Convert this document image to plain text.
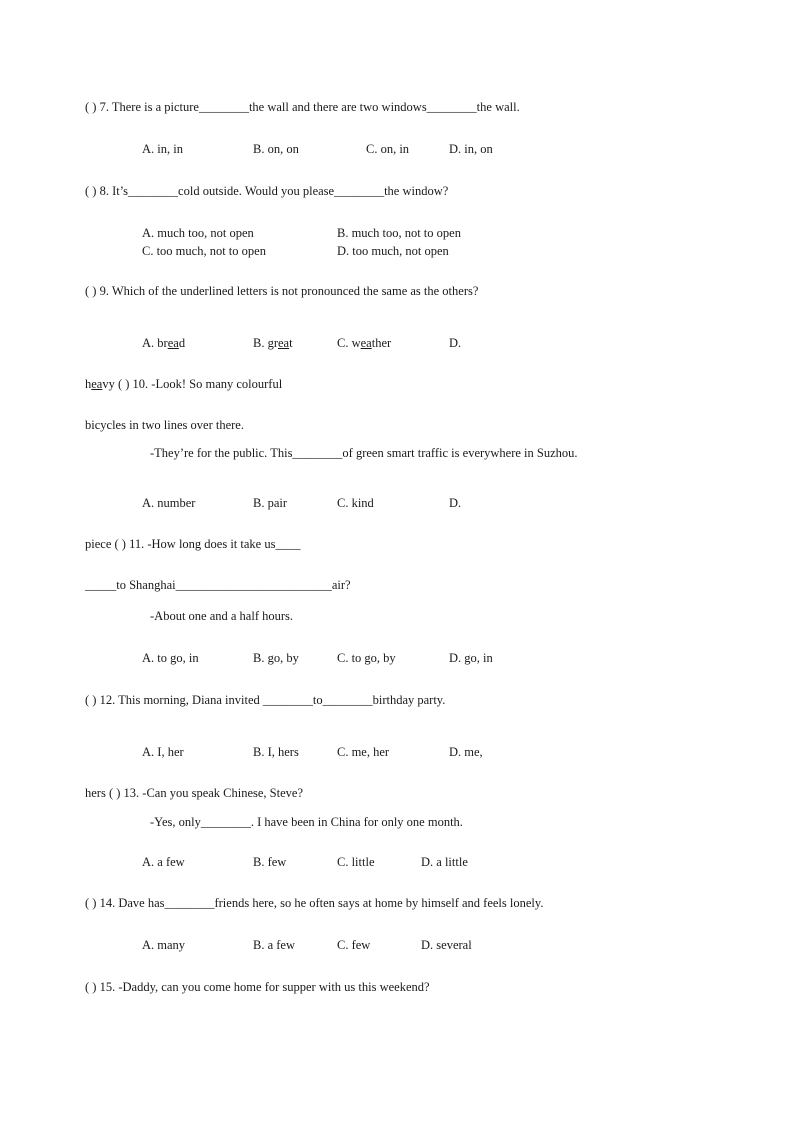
( ) 7. There is a picture________the wall and there are two windows________the wall.
A. in, in	B. on, on	C. on, in	D. in, on
( ) 8. It’s________cold outside. Would you please________the window?
A. much too, not open	B. much too, not to open
C. too much, not to open	D. too much, not open
( ) 9. Which of the underlined letters is not pronounced the same as the others?
A. bread	B. great	C. weather	D.
heavy ( ) 10. -Look! So many colourful
bicycles in two lines over there.
-They’re for the public. This________of green smart traffic is everywhere in Suzhou.
A. number	B. pair	C. kind	D.
piece ( ) 11. -How long does it take us____
_____to Shanghai_________________________air?
-About one and a half hours.
A. to go, in	B. go, by	C. to go, by	D. go, in
( ) 12. This morning, Diana invited ________to________birthday party.
A. I, her	B. I, hers	C. me, her	D. me,
hers ( ) 13. -Can you speak Chinese, Steve?
-Yes, only________. I have been in China for only one month.
A. a few	B. few	C. little	D. a little
( ) 14. Dave has________friends here, so he often says at home by himself and feels lonely.
A. many	B. a few	C. few	D. several
( ) 15. -Daddy, can you come home for supper with us this weekend?
